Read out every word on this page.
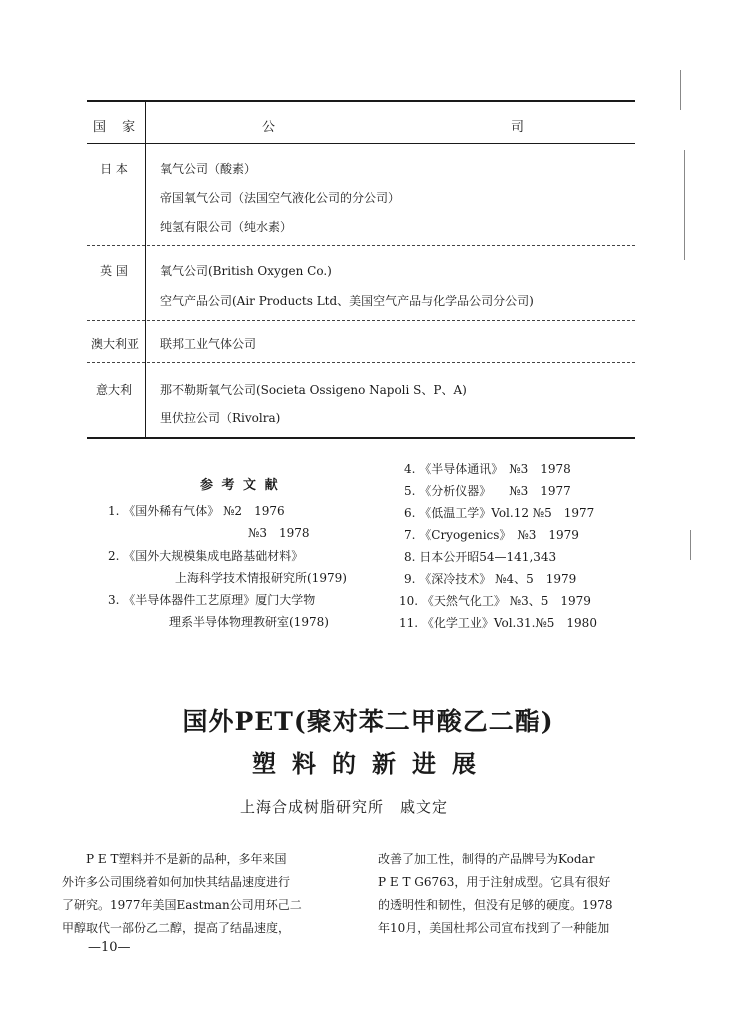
国 家	公	司
日 本	氧气公司（酸素）
帝国氧气公司（法国空气液化公司的分公司）
纯氢有限公司（纯水素）
英 国	氧气公司(British Oxygen Co.)
空气产品公司(Air Products Ltd、美国空气产品与化学品公司分公司)
澳大利亚	联邦工业气体公司
意大利	那不勒斯氧气公司(Societa Ossigeno Napoli S、P、A)
里伏拉公司（Rivolra)
参 考 文 献
1. 《国外稀有气体》 №2　1976
№3　1978
2. 《国外大规模集成电路基础材料》
上海科学技术情报研究所(1979)
3. 《半导体器件工艺原理》厦门大学物
理系半导体物理教研室(1978)
4. 《半导体通讯》　№3　1978
5. 《分析仪器》　　№3　1977
6. 《低温工学》Vol.12 №5　1977
7. 《Cryogenics》　№3　1979
8. 日本公开昭54—141,343
9. 《深冷技术》 №4、5　1979
10. 《天然气化工》 №3、5　1979
11. 《化学工业》Vol.31.№5　1980
国外PET(聚对苯二甲酸乙二酯)
塑料的新进展
上海合成树脂研究所　戚文定
P E T塑料并不是新的品种，多年来国
外许多公司围绕着如何加快其结晶速度进行
了研究。1977年美国Eastman公司用环己二
甲醇取代一部份乙二醇，提高了结晶速度，
改善了加工性，制得的产品牌号为Kodar
P E T G6763，用于注射成型。它具有很好
的透明性和韧性，但没有足够的硬度。1978
年10月，美国杜邦公司宣布找到了一种能加
—10—
